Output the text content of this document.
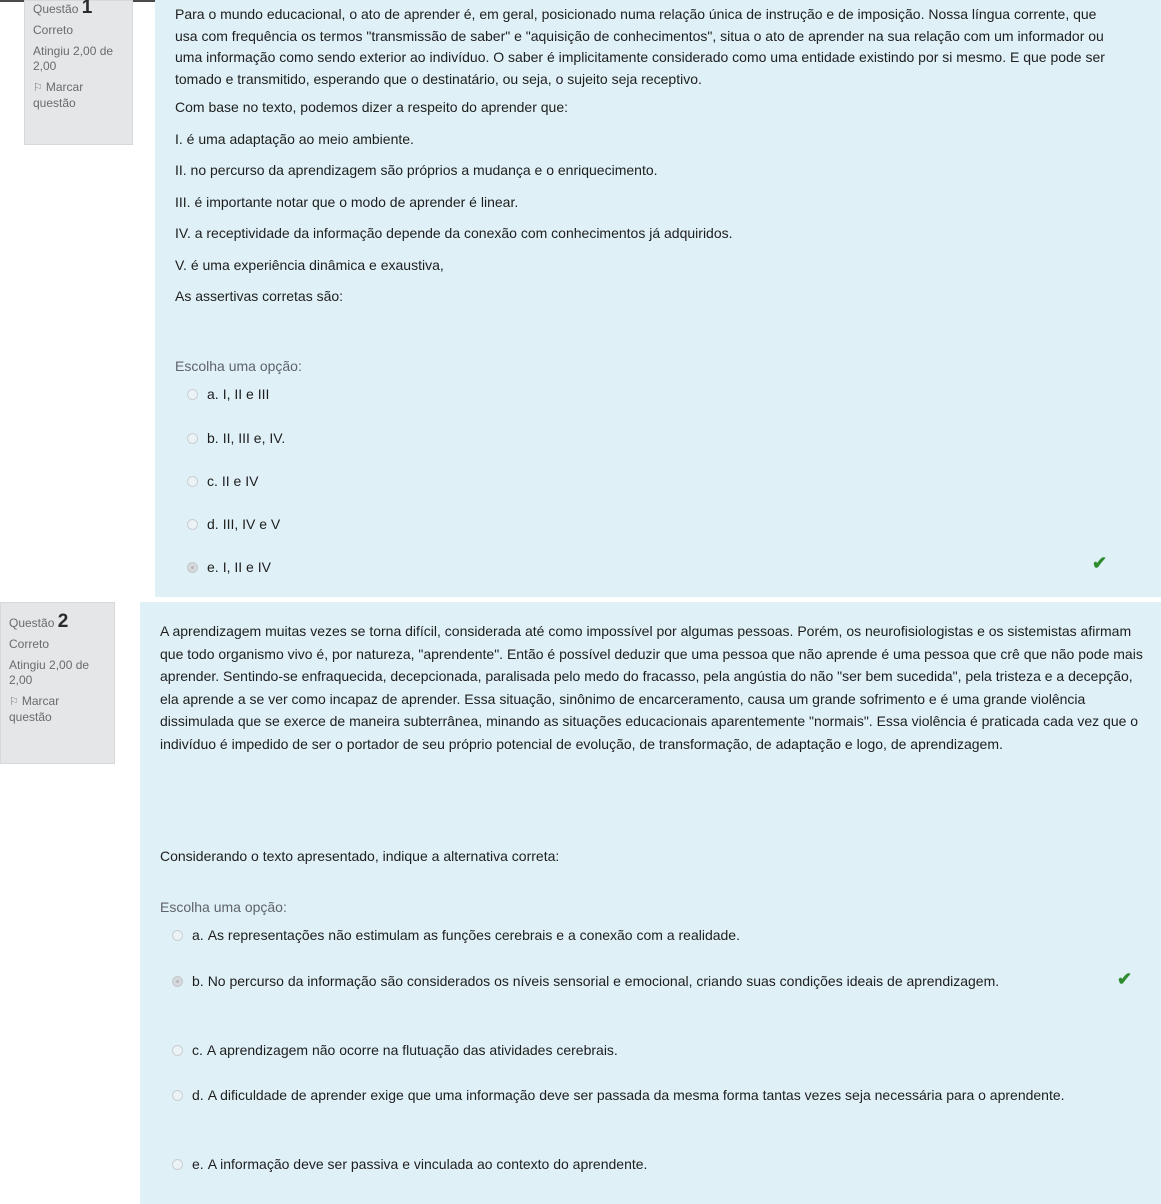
Questão 1
Correto
Atingiu 2,00 de 2,00
⚐ Marcar questão

Para o mundo educacional, o ato de aprender é, em geral, posicionado numa relação única de instrução e de imposição. Nossa língua corrente, que usa com frequência os termos "transmissão de saber" e "aquisição de conhecimentos", situa o ato de aprender na sua relação com um informador ou uma informação como sendo exterior ao indivíduo. O saber é implicitamente considerado como uma entidade existindo por si mesmo. E que pode ser tomado e transmitido, esperando que o destinatário, ou seja, o sujeito seja receptivo.

Com base no texto, podemos dizer a respeito do aprender que:

I. é uma adaptação ao meio ambiente.

II. no percurso da aprendizagem são próprios a mudança e o enriquecimento.

III. é importante notar que o modo de aprender é linear.

IV. a receptividade da informação depende da conexão com conhecimentos já adquiridos.

V. é uma experiência dinâmica e exaustiva,

As assertivas corretas são:

Escolha uma opção:
a. I, II e III
b. II, III e, IV.
c. II e IV
d. III, IV e V
e. I, II e IV	✔
Questão 2
Correto
Atingiu 2,00 de 2,00
⚐ Marcar questão

A aprendizagem muitas vezes se torna difícil, considerada até como impossível por algumas pessoas. Porém, os neurofisiologistas e os sistemistas afirmam que todo organismo vivo é, por natureza, "aprendente". Então é possível deduzir que uma pessoa que não aprende é uma pessoa que crê que não pode mais aprender. Sentindo-se enfraquecida, decepcionada, paralisada pelo medo do fracasso, pela angústia do não "ser bem sucedida", pela tristeza e a decepção, ela aprende a se ver como incapaz de aprender. Essa situação, sinônimo de encarceramento, causa um grande sofrimento e é uma grande violência dissimulada que se exerce de maneira subterrânea, minando as situações educacionais aparentemente "normais". Essa violência é praticada cada vez que o indivíduo é impedido de ser o portador de seu próprio potencial de evolução, de transformação, de adaptação e logo, de aprendizagem.

Considerando o texto apresentado, indique a alternativa correta:
Escolha uma opção:
a. As representações não estimulam as funções cerebrais e a conexão com a realidade.
b. No percurso da informação são considerados os níveis sensorial e emocional, criando suas condições ideais de aprendizagem.
c. A aprendizagem não ocorre na flutuação das atividades cerebrais.
d. A dificuldade de aprender exige que uma informação deve ser passada da mesma forma tantas vezes seja necessária para o aprendente.
e. A informação deve ser passiva e vinculada ao contexto do aprendente.
✔
